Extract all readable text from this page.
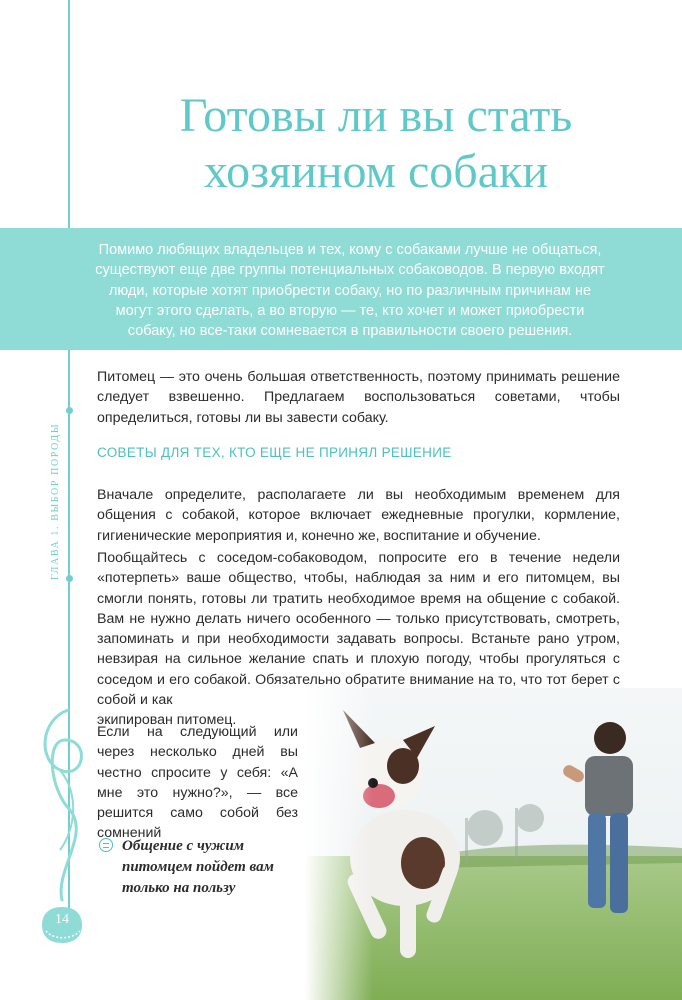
ГЛАВА 1. ВЫБОР ПОРОДЫ
Готовы ли вы стать
хозяином собаки
Помимо любящих владельцев и тех, кому с собаками лучше не общаться, существуют еще две группы потенциальных собаководов. В первую входят люди, которые хотят приобрести собаку, но по различным причинам не могут этого сделать, а во вторую — те, кто хочет и может приобрести собаку, но все-таки сомневается в правильности своего решения.
Питомец — это очень большая ответственность, поэтому принимать решение следует взвешенно. Предлагаем воспользоваться советами, чтобы определиться, готовы ли вы завести собаку.
СОВЕТЫ ДЛЯ ТЕХ, КТО ЕЩЕ НЕ ПРИНЯЛ РЕШЕНИЕ
Вначале определите, располагаете ли вы необходимым временем для общения с собакой, которое включает ежедневные прогулки, кормление, гигиенические мероприятия и, конечно же, воспитание и обучение.
Пообщайтесь с соседом-собаководом, попросите его в течение недели «потерпеть» ваше общество, чтобы, наблюдая за ним и его питомцем, вы смогли понять, готовы ли тратить необходимое время на общение с собакой. Вам не нужно делать ничего особенного — только присутствовать, смотреть, запоминать и при необходимости задавать вопросы. Встаньте рано утром, невзирая на сильное желание спать и плохую погоду, чтобы прогуляться с соседом и его собакой. Обязательно обратите внимание на то, что тот берет с собой и как
экипирован питомец.
Если на следующий или через несколько дней вы честно спросите у себя: «А мне это нужно?», — все решится само собой без сомнений
Общение с чужим питомцем пойдет вам только на пользу
14
